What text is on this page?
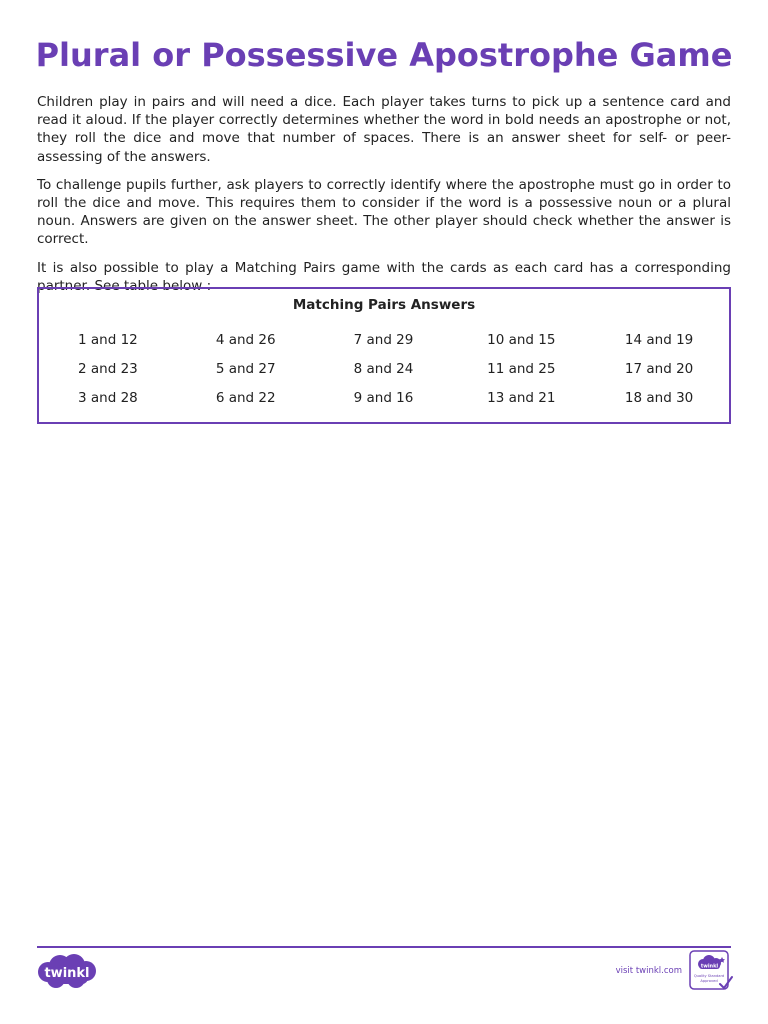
Plural or Possessive Apostrophe Game

Children play in pairs and will need a dice. Each player takes turns to pick up a sentence card and read it aloud. If the player correctly determines whether the word in bold needs an apostrophe or not, they roll the dice and move that number of spaces. There is an answer sheet for self- or peer-assessing of the answers.

To challenge pupils further, ask players to correctly identify where the apostrophe must go in order to roll the dice and move. This requires them to consider if the word is a possessive noun or a plural noun. Answers are given on the answer sheet. The other player should check whether the answer is correct.

It is also possible to play a Matching Pairs game with the cards as each card has a corresponding partner. See table below :

Matching Pairs Answers

1 and 12	4 and 26	7 and 29	10 and 15	14 and 19
2 and 23	5 and 27	8 and 24	11 and 25	17 and 20
3 and 28	6 and 22	9 and 16	13 and 21	18 and 30
twinkl	visit twinkl.com	twinkl
Quality Standard
Approved
